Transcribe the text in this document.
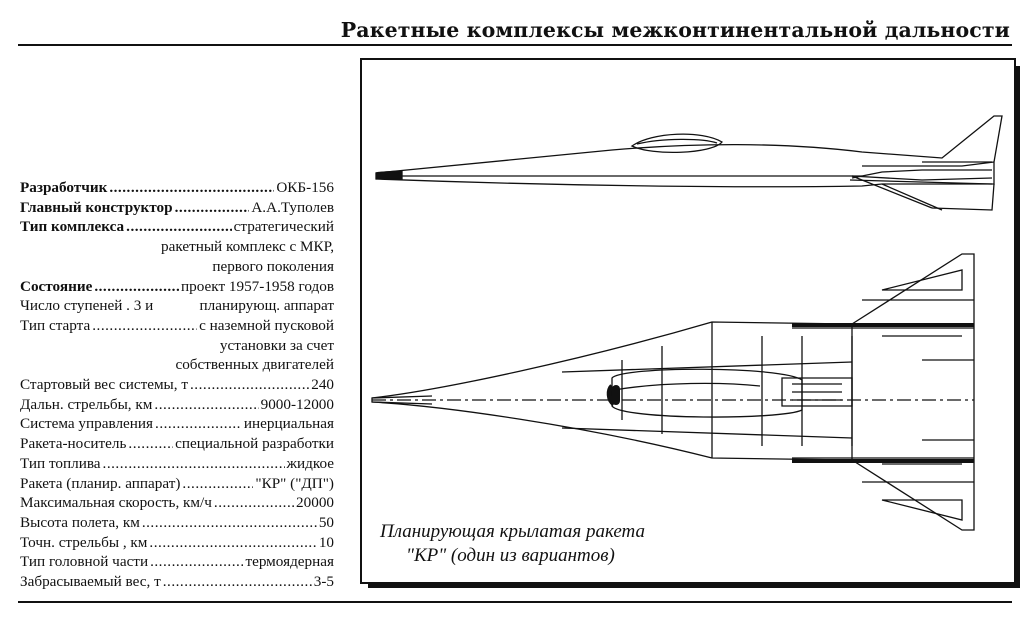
Ракетные комплексы межконтинентальной дальности
Разработчик .....	ОКБ-156
Главный конструктор .....	А.А.Туполев
Тип комплекса .....	стратегический
ракетный комплекс с МКР,
первого поколения
Состояние .....	проект 1957-1958 годов
Число ступеней . 3 и	планирующ. аппарат
Тип старта .....	с наземной пусковой
установки за счет
собственных двигателей
Стартовый вес системы, т .....	240
Дальн. стрельбы, км .....	9000-12000
Система управления .....	инерциальная
Ракета-носитель .....	специальной разработки
Тип топлива .....	жидкое
Ракета (планир. аппарат) .....	"КР" ("ДП")
Максимальная скорость, км/ч .....	20000
Высота полета, км .....	50
Точн. стрельбы , км .....	10
Тип головной части .....	термоядерная
Забрасываемый вес, т .....	3-5
Планирующая крылатая ракета
"КР" (один из вариантов)
